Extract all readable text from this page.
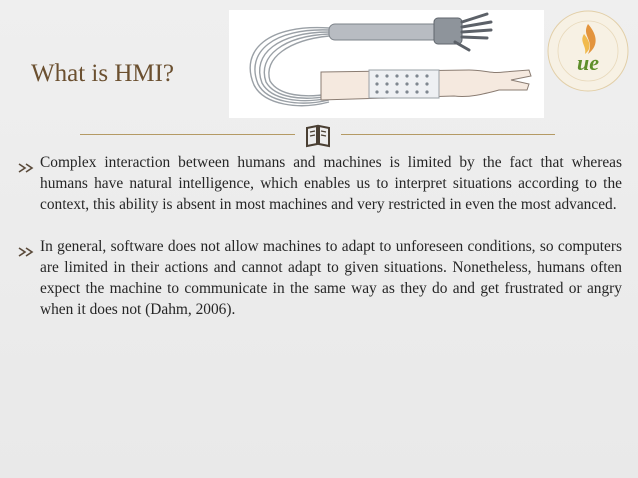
ue
What is HMI?
Complex interaction between humans and machines is limited by the fact that whereas humans have natural intelligence, which enables us to interpret situations according to the context, this ability is absent in most machines and very restricted in even the most advanced.
In general, software does not allow machines to adapt to unforeseen conditions, so computers are limited in their actions and cannot adapt to given situations. Nonetheless, humans often expect the machine to communicate in the same way as they do and get frustrated or angry when it does not (Dahm, 2006).
